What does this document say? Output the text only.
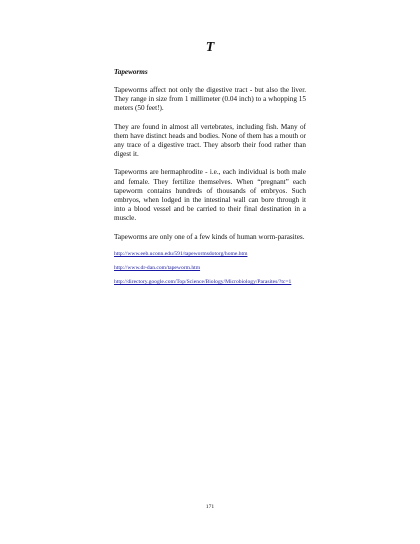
T
Tapeworms

Tapeworms affect not only the digestive tract - but also the liver. They range in size from 1 millimeter (0.04 inch) to a whopping 15 meters (50 feet!).

They are found in almost all vertebrates, including fish. Many of them have distinct heads and bodies. None of them has a mouth or any trace of a digestive tract. They absorb their food rather than digest it.

Tapeworms are hermaphrodite - i.e., each individual is both male and female. They fertilize themselves. When “pregnant” each tapeworm contains hundreds of thousands of embryos. Such embryos, when lodged in the intestinal wall can bore through it into a blood vessel and be carried to their final destination in a muscle.

Tapeworms are only one of a few kinds of human worm-parasites.

http://www.eeb.uconn.edu/591/tapewormsdotorg/home.htm
http://www.dr-dan.com/tapeworm.htm
http://directory.google.com/Top/Science/Biology/Microbiology/Parasites/?tc=1
171
